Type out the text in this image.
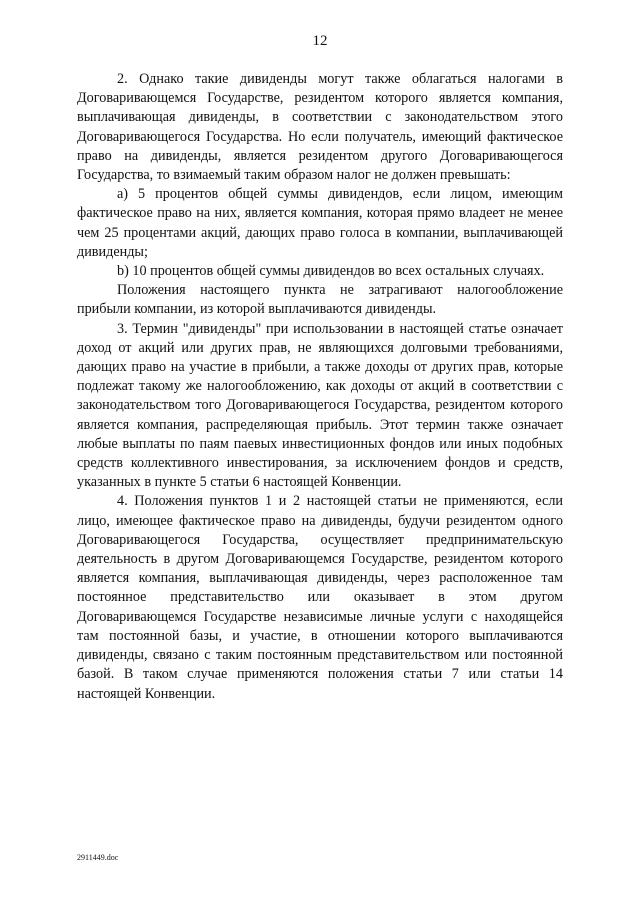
12

2. Однако такие дивиденды могут также облагаться налогами в Договаривающемся Государстве, резидентом которого является компания, выплачивающая дивиденды, в соответствии с законодательством этого Договаривающегося Государства. Но если получатель, имеющий фактическое право на дивиденды, является резидентом другого Договаривающегося Государства, то взимаемый таким образом налог не должен превышать:

a) 5 процентов общей суммы дивидендов, если лицом, имеющим фактическое право на них, является компания, которая прямо владеет не менее чем 25 процентами акций, дающих право голоса в компании, выплачивающей дивиденды;

b) 10 процентов общей суммы дивидендов во всех остальных случаях.

Положения настоящего пункта не затрагивают налогообложение прибыли компании, из которой выплачиваются дивиденды.

3. Термин "дивиденды" при использовании в настоящей статье означает доход от акций или других прав, не являющихся долговыми требованиями, дающих право на участие в прибыли, а также доходы от других прав, которые подлежат такому же налогообложению, как доходы от акций в соответствии с законодательством того Договаривающегося Государства, резидентом которого является компания, распределяющая прибыль. Этот термин также означает любые выплаты по паям паевых инвестиционных фондов или иных подобных средств коллективного инвестирования, за исключением фондов и средств, указанных в пункте 5 статьи 6 настоящей Конвенции.

4. Положения пунктов 1 и 2 настоящей статьи не применяются, если лицо, имеющее фактическое право на дивиденды, будучи резидентом одного Договаривающегося Государства, осуществляет предпринимательскую деятельность в другом Договаривающемся Государстве, резидентом которого является компания, выплачивающая дивиденды, через расположенное там постоянное представительство или оказывает в этом другом Договаривающемся Государстве независимые личные услуги с находящейся там постоянной базы, и участие, в отношении которого выплачиваются дивиденды, связано с таким постоянным представительством или постоянной базой. В таком случае применяются положения статьи 7 или статьи 14 настоящей Конвенции.

2911449.doc
